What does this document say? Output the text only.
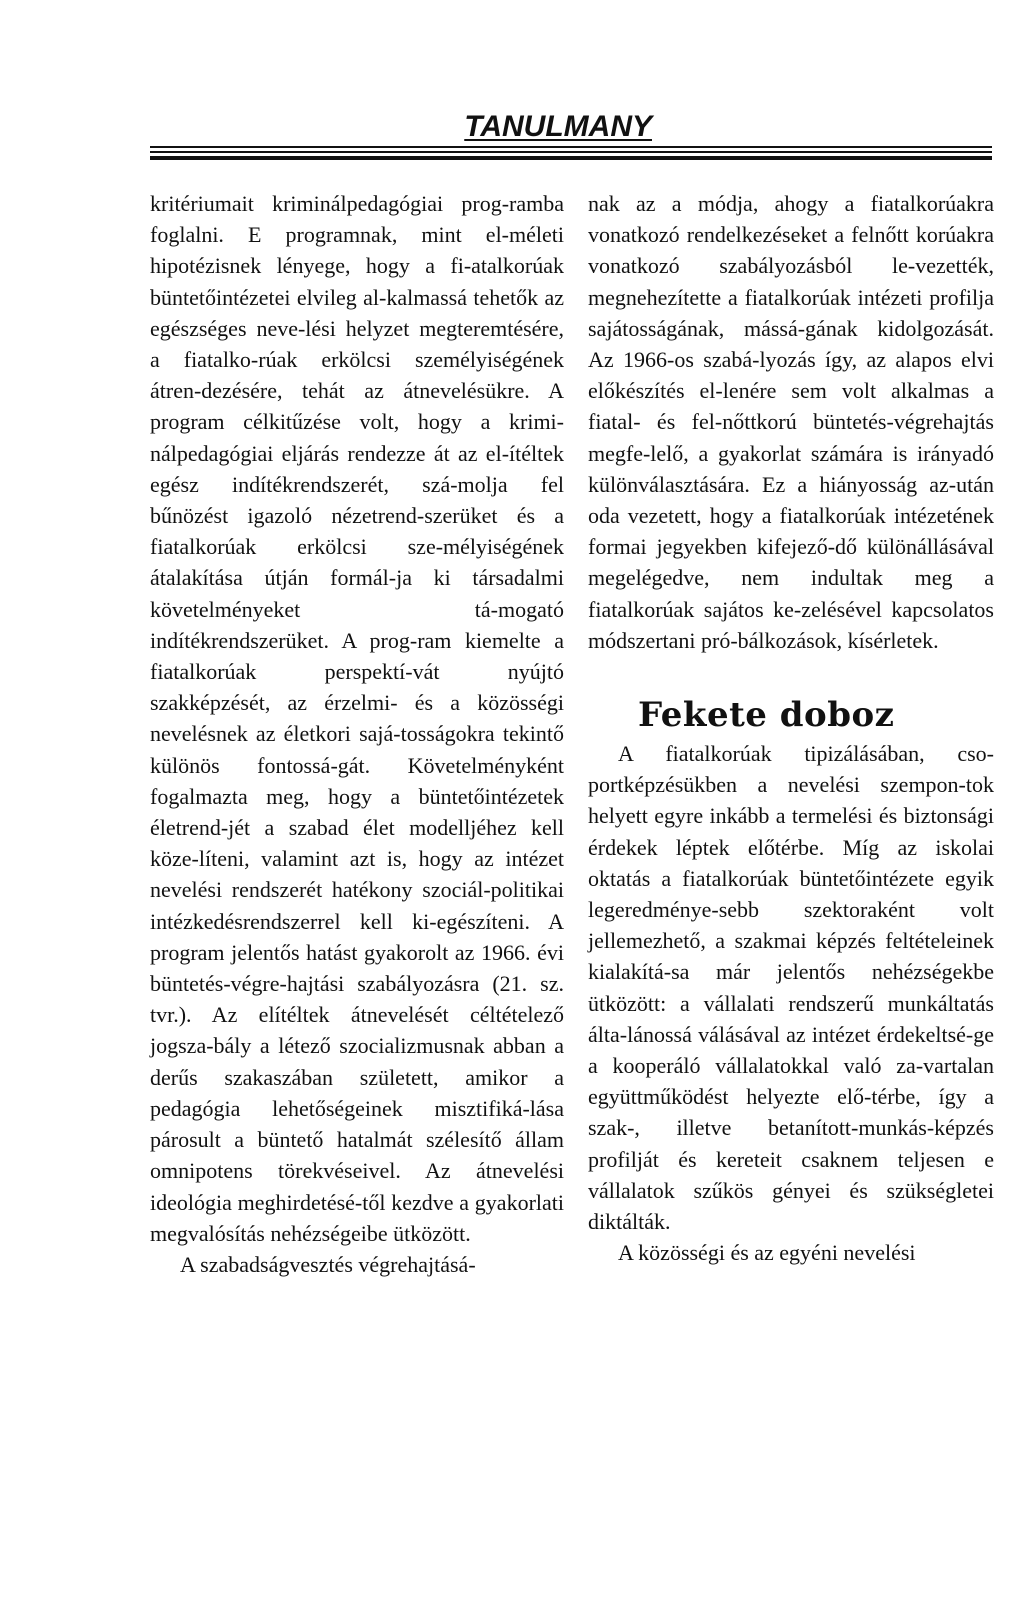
TANULMANY

kritériumait kriminálpedagógiai prog-ramba foglalni. E programnak, mint el-méleti hipotézisnek lényege, hogy a fi-atalkorúak büntetőintézetei elvileg al-kalmassá tehetők az egészséges neve-lési helyzet megteremtésére, a fiatalko-rúak erkölcsi személyiségének átren-dezésére, tehát az átnevelésükre. A program célkitűzése volt, hogy a krimi-nálpedagógiai eljárás rendezze át az el-ítéltek egész indítékrendszerét, szá-molja fel bűnözést igazoló nézetrend-szerüket és a fiatalkorúak erkölcsi sze-mélyiségének átalakítása útján formál-ja ki társadalmi követelményeket tá-mogató indítékrendszerüket. A prog-ram kiemelte a fiatalkorúak perspektí-vát nyújtó szakképzését, az érzelmi- és a közösségi nevelésnek az életkori sajá-tosságokra tekintő különös fontossá-gát. Követelményként fogalmazta meg, hogy a büntetőintézetek életrend-jét a szabad élet modelljéhez kell köze-líteni, valamint azt is, hogy az intézet nevelési rendszerét hatékony szociál-politikai intézkedésrendszerrel kell ki-egészíteni. A program jelentős hatást gyakorolt az 1966. évi büntetés-végre-hajtási szabályozásra (21. sz. tvr.). Az elítéltek átnevelését céltételező jogsza-bály a létező szocializmusnak abban a derűs szakaszában született, amikor a pedagógia lehetőségeinek misztifiká-lása párosult a büntető hatalmát szélesítő állam omnipotens törekvéseivel. Az átnevelési ideológia meghirdetésé-től kezdve a gyakorlati megvalósítás nehézségeibe ütközött.

A szabadságvesztés végrehajtásá-

nak az a módja, ahogy a fiatalkorúakra vonatkozó rendelkezéseket a felnőtt korúakra vonatkozó szabályozásból le-vezették, megnehezítette a fiatalkorúak intézeti profilja sajátosságának, mássá-gának kidolgozását. Az 1966-os szabá-lyozás így, az alapos elvi előkészítés el-lenére sem volt alkalmas a fiatal- és fel-nőttkorú büntetés-végrehajtás megfe-lelő, a gyakorlat számára is irányadó különválasztására. Ez a hiányosság az-után oda vezetett, hogy a fiatalkorúak intézetének formai jegyekben kifejező-dő különállásával megelégedve, nem indultak meg a fiatalkorúak sajátos ke-zelésével kapcsolatos módszertani pró-bálkozások, kísérletek.

Fekete doboz

A fiatalkorúak tipizálásában, cso-portképzésükben a nevelési szempon-tok helyett egyre inkább a termelési és biztonsági érdekek léptek előtérbe. Míg az iskolai oktatás a fiatalkorúak büntetőintézete egyik legeredménye-sebb szektoraként volt jellemezhető, a szakmai képzés feltételeinek kialakítá-sa már jelentős nehézségekbe ütközött: a vállalati rendszerű munkáltatás álta-lánossá válásával az intézet érdekeltsé-ge a kooperáló vállalatokkal való za-vartalan együttműködést helyezte elő-térbe, így a szak-, illetve betanított-munkás-képzés profilját és kereteit csaknem teljesen e vállalatok szűkös gényei és szükségletei diktálták.

A közösségi és az egyéni nevelési
